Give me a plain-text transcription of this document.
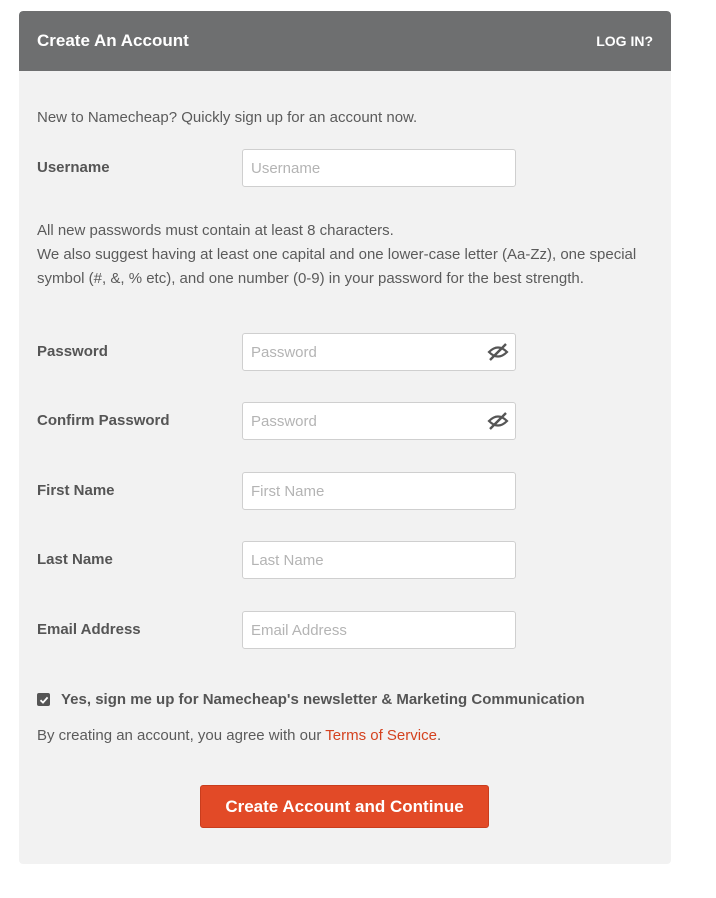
Create An Account	LOG IN?
New to Namecheap? Quickly sign up for an account now.
Username
Username
All new passwords must contain at least 8 characters.
We also suggest having at least one capital and one lower-case letter (Aa-Zz), one special symbol (#, &, % etc), and one number (0-9) in your password for the best strength.
Password
Confirm Password
First Name
First Name
Last Name
Last Name
Email Address
Email Address
Yes, sign me up for Namecheap's newsletter & Marketing Communication
By creating an account, you agree with our Terms of Service.
Create Account and Continue
